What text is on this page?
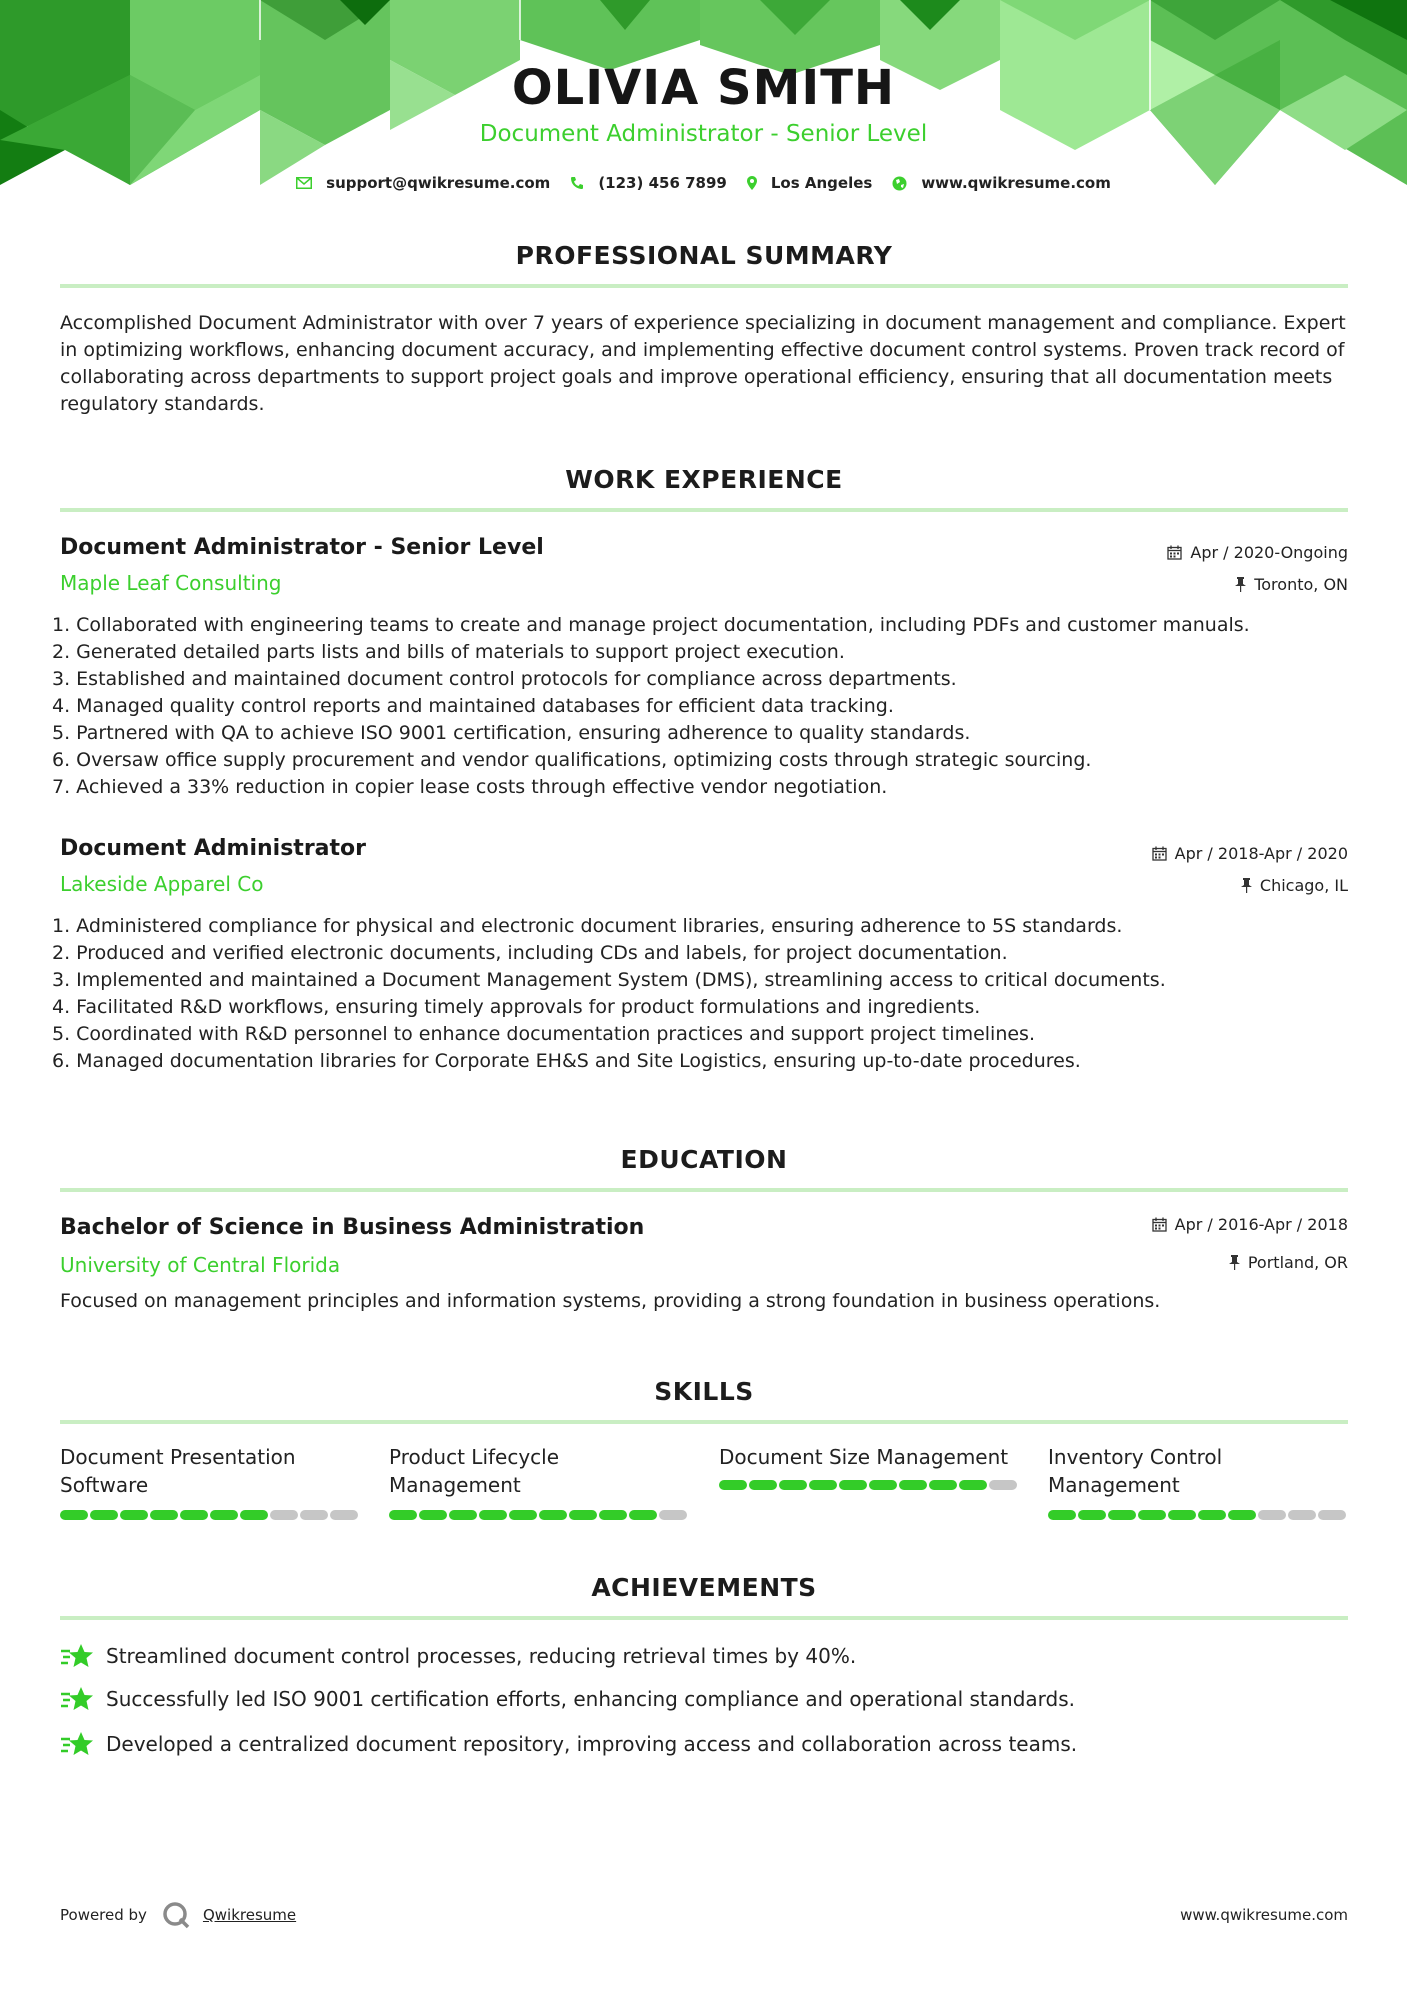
OLIVIA SMITH
Document Administrator - Senior Level
support@qwikresume.com	(123) 456 7899	Los Angeles	www.qwikresume.com
PROFESSIONAL SUMMARY
Accomplished Document Administrator with over 7 years of experience specializing in document management and compliance. Expert in optimizing workflows, enhancing document accuracy, and implementing effective document control systems. Proven track record of collaborating across departments to support project goals and improve operational efficiency, ensuring that all documentation meets regulatory standards.
WORK EXPERIENCE
Document Administrator - Senior Level	Apr / 2020-Ongoing
Maple Leaf Consulting	Toronto, ON
1. Collaborated with engineering teams to create and manage project documentation, including PDFs and customer manuals.
2. Generated detailed parts lists and bills of materials to support project execution.
3. Established and maintained document control protocols for compliance across departments.
4. Managed quality control reports and maintained databases for efficient data tracking.
5. Partnered with QA to achieve ISO 9001 certification, ensuring adherence to quality standards.
6. Oversaw office supply procurement and vendor qualifications, optimizing costs through strategic sourcing.
7. Achieved a 33% reduction in copier lease costs through effective vendor negotiation.
Document Administrator	Apr / 2018-Apr / 2020
Lakeside Apparel Co	Chicago, IL
1. Administered compliance for physical and electronic document libraries, ensuring adherence to 5S standards.
2. Produced and verified electronic documents, including CDs and labels, for project documentation.
3. Implemented and maintained a Document Management System (DMS), streamlining access to critical documents.
4. Facilitated R&D workflows, ensuring timely approvals for product formulations and ingredients.
5. Coordinated with R&D personnel to enhance documentation practices and support project timelines.
6. Managed documentation libraries for Corporate EH&S and Site Logistics, ensuring up-to-date procedures.
EDUCATION
Bachelor of Science in Business Administration	Apr / 2016-Apr / 2018
University of Central Florida	Portland, OR
Focused on management principles and information systems, providing a strong foundation in business operations.
SKILLS
Document Presentation
Software
Product Lifecycle
Management
Document Size Management	Inventory Control
Management
ACHIEVEMENTS
Streamlined document control processes, reducing retrieval times by 40%.
Successfully led ISO 9001 certification efforts, enhancing compliance and operational standards.
Developed a centralized document repository, improving access and collaboration across teams.
Powered by	Qwikresume	www.qwikresume.com
